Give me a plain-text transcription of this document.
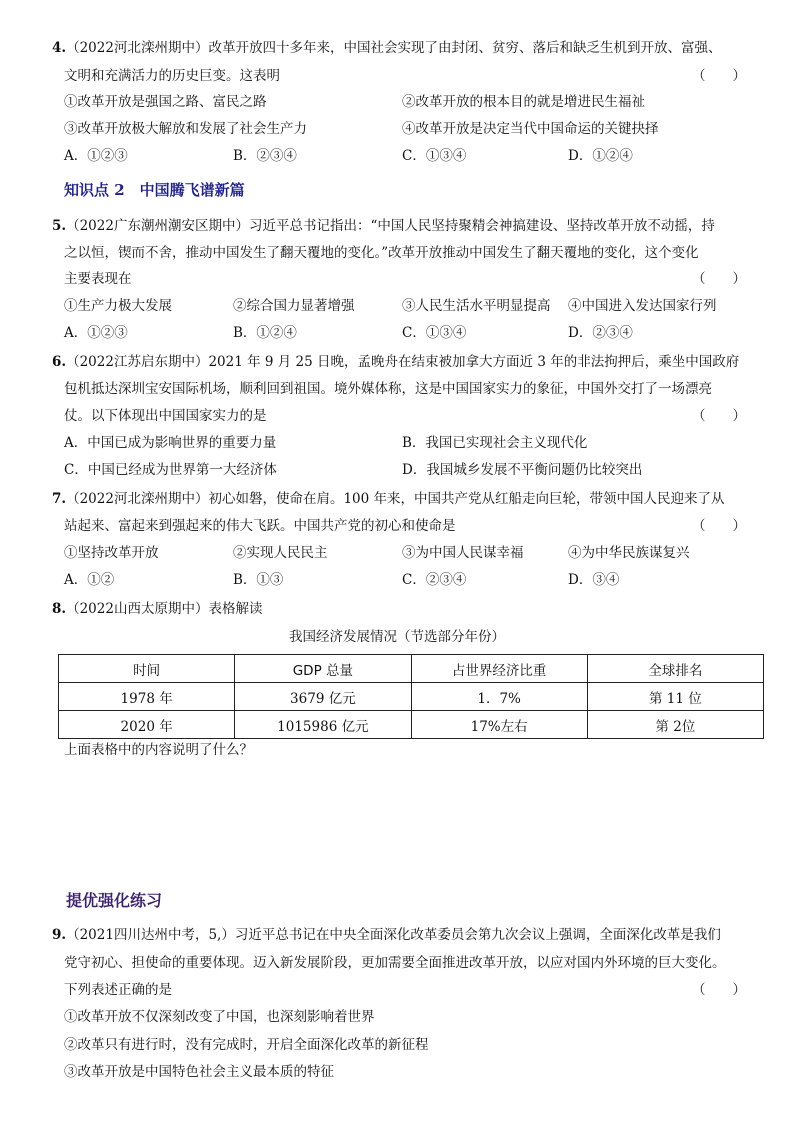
4.（2022河北滦州期中）改革开放四十多年来，中国社会实现了由封闭、贫穷、落后和缺乏生机到开放、富强、
文明和充满活力的历史巨变。这表明	（　　）
①改革开放是强国之路、富民之路	②改革开放的根本目的就是增进民生福祉
③改革开放极大解放和发展了社会生产力	④改革开放是决定当代中国命运的关键抉择
A．①②③	B．②③④	C．①③④	D．①②④
知识点 2　中国腾飞谱新篇
5.（2022广东潮州潮安区期中）习近平总书记指出：“中国人民坚持聚精会神搞建设、坚持改革开放不动摇，持
之以恒，锲而不舍，推动中国发生了翻天覆地的变化。”改革开放推动中国发生了翻天覆地的变化，这个变化
主要表现在	（　　）
①生产力极大发展	②综合国力显著增强	③人民生活水平明显提高 ④中国进入发达国家行列
A．①②③	B．①②④	C．①③④	D．②③④
6.（2022江苏启东期中）2021 年 9 月 25 日晚，孟晚舟在结束被加拿大方面近 3 年的非法拘押后，乘坐中国政府
包机抵达深圳宝安国际机场，顺利回到祖国。境外媒体称，这是中国国家实力的象征，中国外交打了一场漂亮
仗。以下体现出中国国家实力的是	（　　）
A．中国已成为影响世界的重要力量	B．我国已实现社会主义现代化
C．中国已经成为世界第一大经济体	D．我国城乡发展不平衡问题仍比较突出
7.（2022河北滦州期中）初心如磐，使命在肩。100 年来，中国共产党从红船走向巨轮，带领中国人民迎来了从
站起来、富起来到强起来的伟大飞跃。中国共产党的初心和使命是	（　　）
①坚持改革开放	②实现人民民主	③为中国人民谋幸福	④为中华民族谋复兴
A．①②	B．①③	C．②③④	D．③④
8.（2022山西太原期中）表格解读
我国经济发展情况（节选部分年份）
时间	GDP 总量	占世界经济比重	全球排名
1978 年	3679 亿元	1．7%	第 11 位
2020 年	1015986 亿元	17%左右	第 2位
上面表格中的内容说明了什么？
提优强化练习
9.（2021四川达州中考，5,）习近平总书记在中央全面深化改革委员会第九次会议上强调，全面深化改革是我们
党守初心、担使命的重要体现。迈入新发展阶段，更加需要全面推进改革开放，以应对国内外环境的巨大变化。
下列表述正确的是	（　　）
①改革开放不仅深刻改变了中国，也深刻影响着世界
②改革只有进行时，没有完成时，开启全面深化改革的新征程
③改革开放是中国特色社会主义最本质的特征
